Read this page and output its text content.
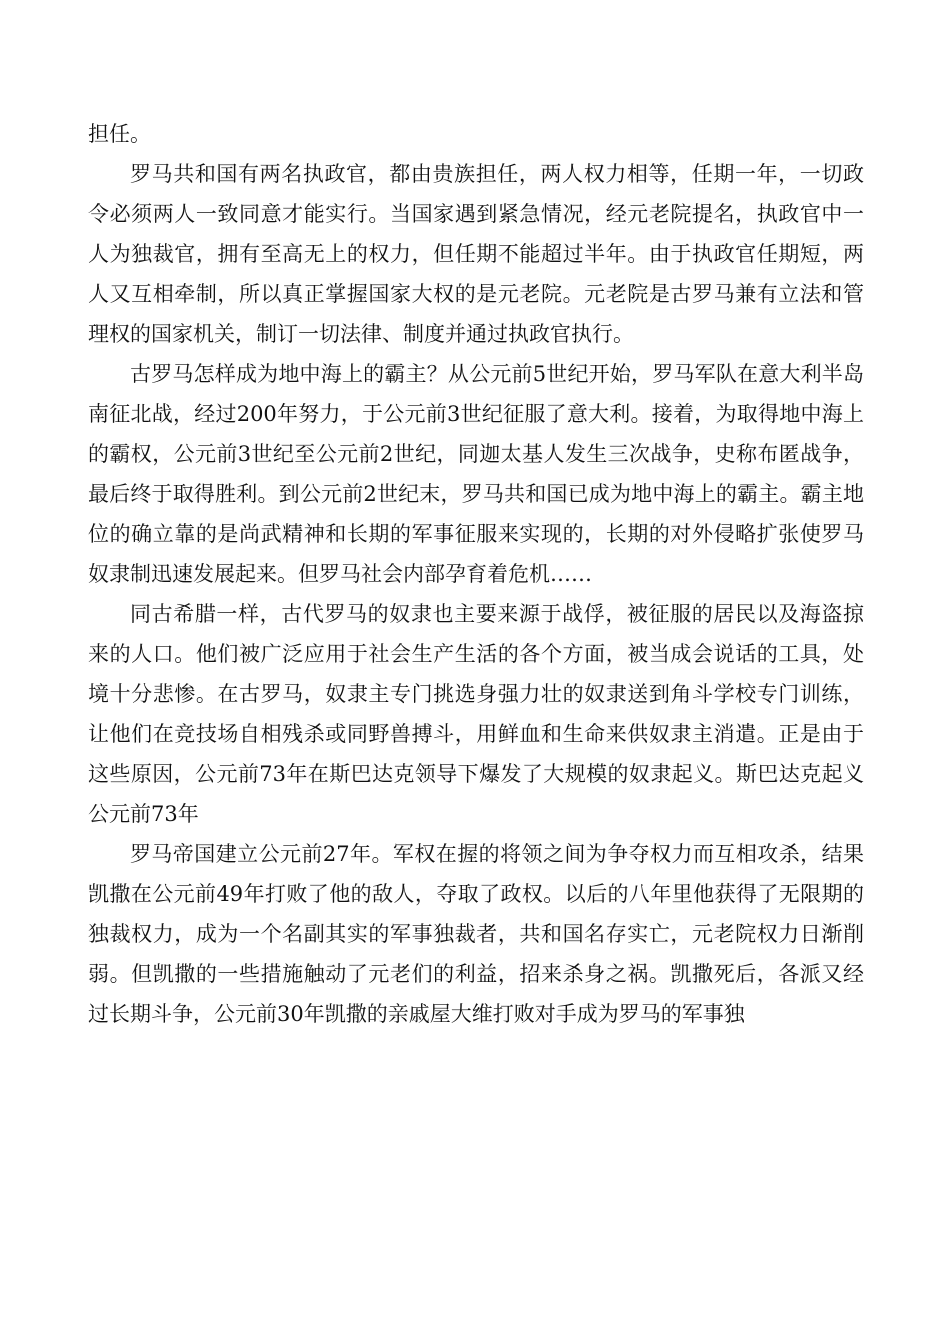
担任。

罗马共和国有两名执政官，都由贵族担任，两人权力相等，任期一年，一切政令必须两人一致同意才能实行。当国家遇到紧急情况，经元老院提名，执政官中一人为独裁官，拥有至高无上的权力，但任期不能超过半年。由于执政官任期短，两人又互相牵制，所以真正掌握国家大权的是元老院。元老院是古罗马兼有立法和管理权的国家机关，制订一切法律、制度并通过执政官执行。

古罗马怎样成为地中海上的霸主？从公元前5世纪开始，罗马军队在意大利半岛南征北战，经过200年努力，于公元前3世纪征服了意大利。接着，为取得地中海上的霸权，公元前3世纪至公元前2世纪，同迦太基人发生三次战争，史称布匿战争，最后终于取得胜利。到公元前2世纪末，罗马共和国已成为地中海上的霸主。霸主地位的确立靠的是尚武精神和长期的军事征服来实现的，长期的对外侵略扩张使罗马奴隶制迅速发展起来。但罗马社会内部孕育着危机……

同古希腊一样，古代罗马的奴隶也主要来源于战俘，被征服的居民以及海盗掠来的人口。他们被广泛应用于社会生产生活的各个方面，被当成会说话的工具，处境十分悲惨。在古罗马，奴隶主专门挑选身强力壮的奴隶送到角斗学校专门训练，让他们在竞技场自相残杀或同野兽搏斗，用鲜血和生命来供奴隶主消遣。正是由于这些原因，公元前73年在斯巴达克领导下爆发了大规模的奴隶起义。斯巴达克起义公元前73年

罗马帝国建立公元前27年。军权在握的将领之间为争夺权力而互相攻杀，结果凯撒在公元前49年打败了他的敌人，夺取了政权。以后的八年里他获得了无限期的独裁权力，成为一个名副其实的军事独裁者，共和国名存实亡，元老院权力日渐削弱。但凯撒的一些措施触动了元老们的利益，招来杀身之祸。凯撒死后，各派又经过长期斗争，公元前30年凯撒的亲戚屋大维打败对手成为罗马的军事独
